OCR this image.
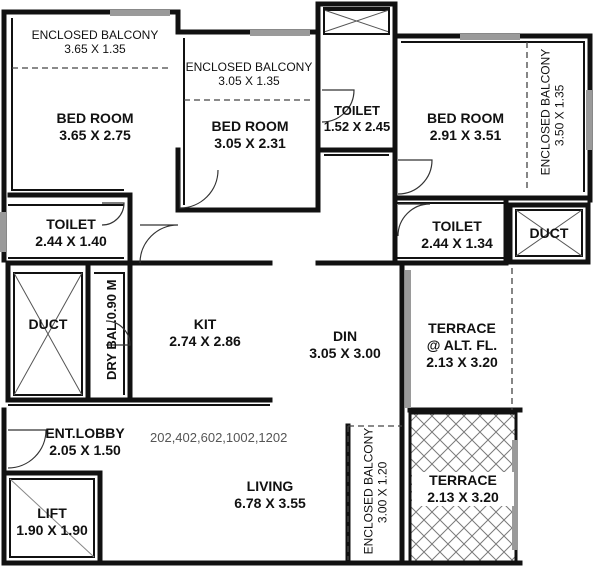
ENCLOSED BALCONY
3.65 X 1.35
ENCLOSED BALCONY
3.05 X 1.35	ENCLOSED BALCONY 3.50 X 1.35
ENCLOSED BALCONY 3.00 X 1.20
BED ROOM
3.65 X 2.75
BED ROOM
3.05 X 2.31
BED ROOM
2.91 X 3.51
TOILET
1.52 X 2.45
TOILET
2.44 X 1.40
TOILET
2.44 X 1.34
DUCT
DUCT
DRY BAL.0.90 M	KIT
2.74 X 2.86	DIN
3.05 X 3.00
TERRACE
@ ALT. FL.
2.13 X 3.20
ENT.LOBBY
2.05 X 1.50
202,402,602,1002,1202
LIVING
6.78 X 3.55
TERRACE
2.13 X 3.20
LIFT
1.90 X 1.90
